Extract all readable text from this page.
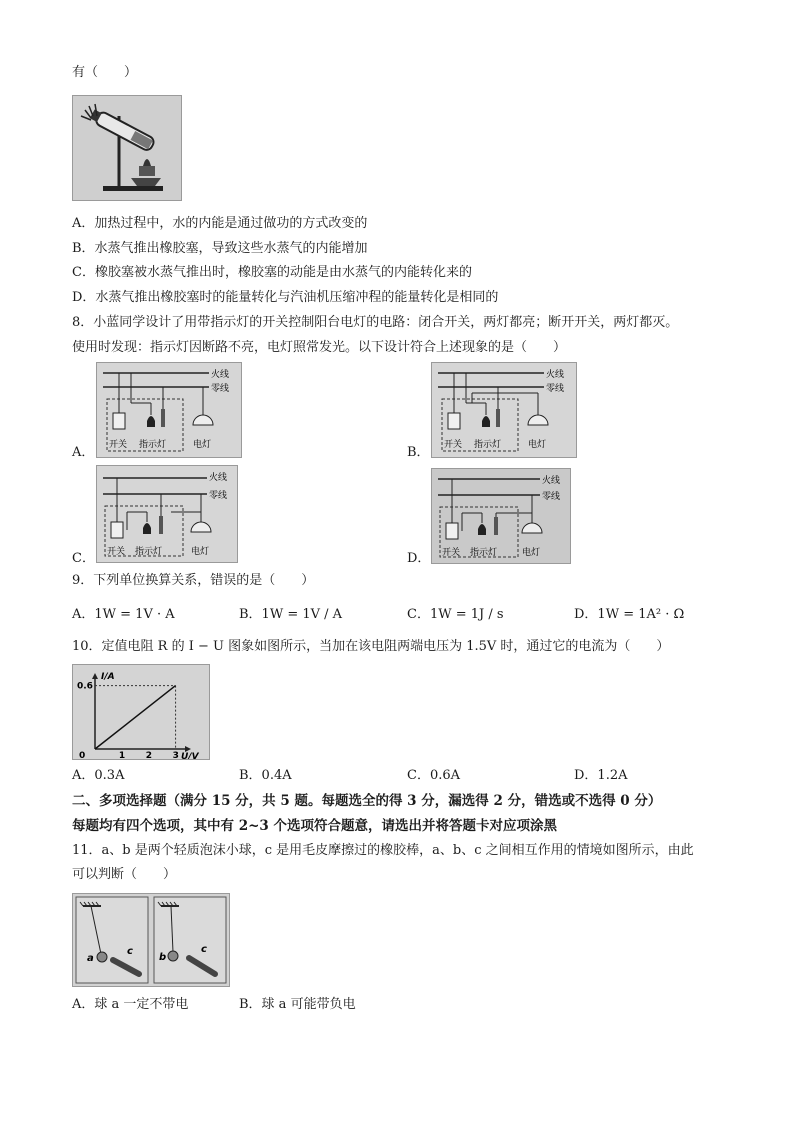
有（　　）
A．加热过程中，水的内能是通过做功的方式改变的
B．水蒸气推出橡胶塞，导致这些水蒸气的内能增加
C．橡胶塞被水蒸气推出时，橡胶塞的动能是由水蒸气的内能转化来的
D．水蒸气推出橡胶塞时的能量转化与汽油机压缩冲程的能量转化是相同的
8．小蓝同学设计了用带指示灯的开关控制阳台电灯的电路：闭合开关，两灯都亮；断开开关，两灯都灭。
使用时发现：指示灯因断路不亮，电灯照常发光。以下设计符合上述现象的是（　　）
A．
火线
零线
开关 指示灯	电灯	B．
火线
零线
开关 指示灯	电灯
C．
火线
零线
开关 指示灯	电灯	D．
火线
零线
开关 指示灯	电灯
9．下列单位换算关系，错误的是（　　）
A．1W = 1V · A	B．1W = 1V / A	C．1W = 1J / s	D．1W = 1A² · Ω
10．定值电阻 R 的 I − U 图象如图所示，当加在该电阻两端电压为 1.5V 时，通过它的电流为（　　）
I/A
U/V
0.6
0	1 2 3
A．0.3A	B．0.4A	C．0.6A	D．1.2A
二、多项选择题（满分 15 分，共 5 题。每题选全的得 3 分，漏选得 2 分，错选或不选得 0 分）
每题均有四个选项，其中有 2~3 个选项符合题意，请选出并将答题卡对应项涂黑
11．a、b 是两个轻质泡沫小球，c 是用毛皮摩擦过的橡胶棒，a、b、c 之间相互作用的情境如图所示，由此
可以判断（　　）
a
c
b
c
A．球 a 一定不带电	B．球 a 可能带负电
